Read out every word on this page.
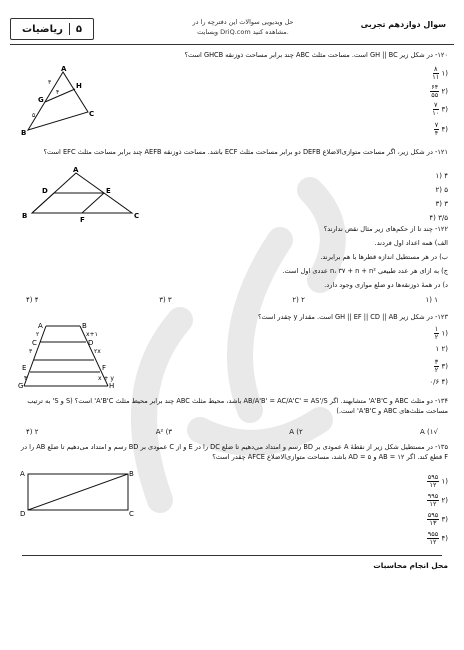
ریاضیات ۵
حل ویدیویی سوالات این دفترچه را در
وبسایت DriQ.com مشاهده کنید.
سوال دوازدهم تجربی
۱۲۰- در شکل زیر GH || BC است. مساحت مثلث ABC چند برابر مساحت ذوزنقه GHCB است؟
(۱
$\frac{۸}{۱۱}$
(۲
$\frac{۶۴}{۵۵}$
(۳
$\frac{۷}{۱۰}$
(۴
$\frac{۷}{۴}$
A
B
C
G
H
۳
۴
۵
۱۲۱- در شکل زیر، اگر مساحت متوازی‌الاضلاع DEFB دو برابر مساحت مثلث ECF باشد. مساحت ذوزنقه AEFB چند برابر مساحت مثلث EFC است؟
۴ (۱
۵ (۲
۳ (۳
۳/۵ (۴
A
B	C
D	E
F
۱۲۲- چند تا از حکم‌های زیر مثال نقض ندارند؟
الف) همه اعداد اول فردند.
ب) در هر مستطیل اندازه قطرها با هم برابرند.
ج) به ازای هر عدد طبیعی n، ۳۷ + n + n² عددی اول است.
د) در همهٔ ذوزنقه‌ها دو ضلع موازی وجود دارد.
۱ (۱
۲ (۲
۳ (۳
۴ (۴
۱۲۳- در شکل زیر GH || EF || CD || AB است. مقدار y چقدر است؟
(۱
$\frac{۱}{۲}$
(۲ ۱
(۳
$\frac{۳}{۲}$
(۴ ۰/۶
A	B
C	D
E	F
G	H
۲
۳
۴
x+۱
۲x
x + y
۱۳۴- دو مثلث ABC و A'B'C' متشابهند. اگر AB/A'B' = AC/A'C' = AS'/S باشد، محیط مثلث ABC چند برابر محیط مثلث A'B'C' است؟ (S و S' به ترتیب مساحت مثلث‌های ABC و A'B'C' است.)
√A (۱
A (۲
A² (۳
۲ (۴
۱۳۵- در مستطیل شکل زیر از نقطهٔ A عمودی بر BD رسم و امتداد می‌دهیم تا ضلع DC را در E و از C عمودی بر BD رسم و امتداد می‌دهیم تا ضلع AB را در F قطع کند. اگر AB = ۱۲ و AD = ۵ باشد، مساحت متوازی‌الاضلاع AFCE چقدر است؟
(۱
$\frac{۵۹۵}{۱۲}$
(۲
$\frac{۹۹۵}{۱۲}$
(۳
$\frac{۵۹۵}{۱۳}$
(۴
$\frac{۹۵۵}{۱۲}$
A	B
C
D
محل انجام محاسبات
